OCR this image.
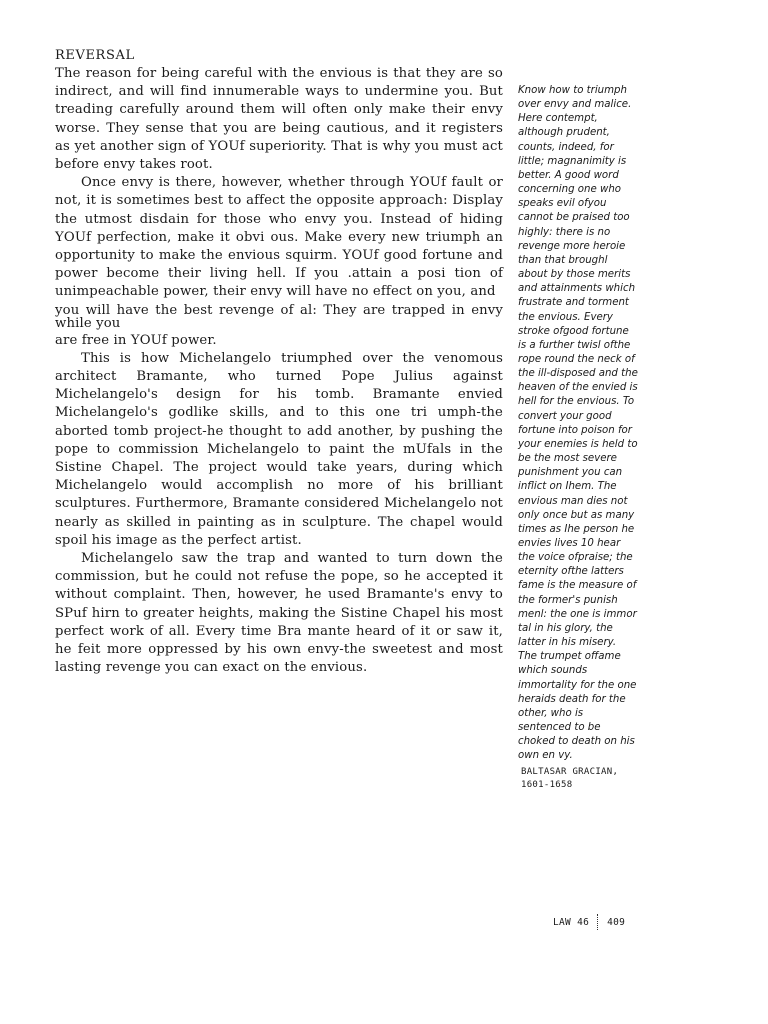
REVERSAL

The reason for being careful with the envious is that they are so indirect, and will find innumerable ways to undermine you. But treading carefully around them will often only make their envy worse. They sense that you are being cautious, and it registers as yet another sign of YOUf superiority. That is why you must act before envy takes root.

Once envy is there, however, whether through YOUf fault or not, it is sometimes best to affect the opposite approach: Display the utmost disdain for those who envy you. Instead of hiding YOUf perfection, make it obvi ous. Make every new triumph an opportunity to make the envious squirm. YOUf good fortune and power become their living hell. If you .attain a posi tion of unimpeachable power, their envy will have no effect on you, and

you will have the best revenge of al: They are trapped in envy while you

are free in YOUf power.

This is how Michelangelo triumphed over the venomous architect Bramante, who turned Pope Julius against Michelangelo's design for his tomb. Bramante envied Michelangelo's godlike skills, and to this one tri umph-the aborted tomb project-he thought to add another, by pushing the pope to commission Michelangelo to paint the mUfals in the Sistine Chapel. The project would take years, during which Michelangelo would accomplish no more of his brilliant sculptures. Furthermore, Bramante considered Michelangelo not nearly as skilled in painting as in sculpture. The chapel would spoil his image as the perfect artist.

Michelangelo saw the trap and wanted to turn down the commission, but he could not refuse the pope, so he accepted it without complaint. Then, however, he used Bramante's envy to SPuf hirn to greater heights, making the Sistine Chapel his most perfect work of all. Every time Bra mante heard of it or saw it, he feit more oppressed by his own envy-the sweetest and most lasting revenge you can exact on the envious.

Know how to triumph over envy and malice. Here contempt, although prudent, counts, indeed, for little; magnanimity is better. A good word concerning one who speaks evil ofyou cannot be praised too highly: there is no revenge more heroie than that broughl about by those merits and attainments which frustrate and torment the envious. Every stroke ofgood fortune is a further twisl ofthe rope round the neck of the ill-disposed and the heaven of the envied is hell for the envious. To convert your good fortune into poison for your enemies is held to be the most severe punishment you can inflict on Ihem. The envious man dies not only once but as many times as Ihe person he envies lives 10 hear the voice ofpraise; the eternity ofthe latters fame is the measure of the former's punish menl: the one is immor tal in his glory, the latter in his misery. The trumpet offame which sounds immortality for the one heraids death for the other, who is sentenced to be choked to death on his own en vy.

BALTASAR GRACIAN, 1601-1658

LAW 46 409
